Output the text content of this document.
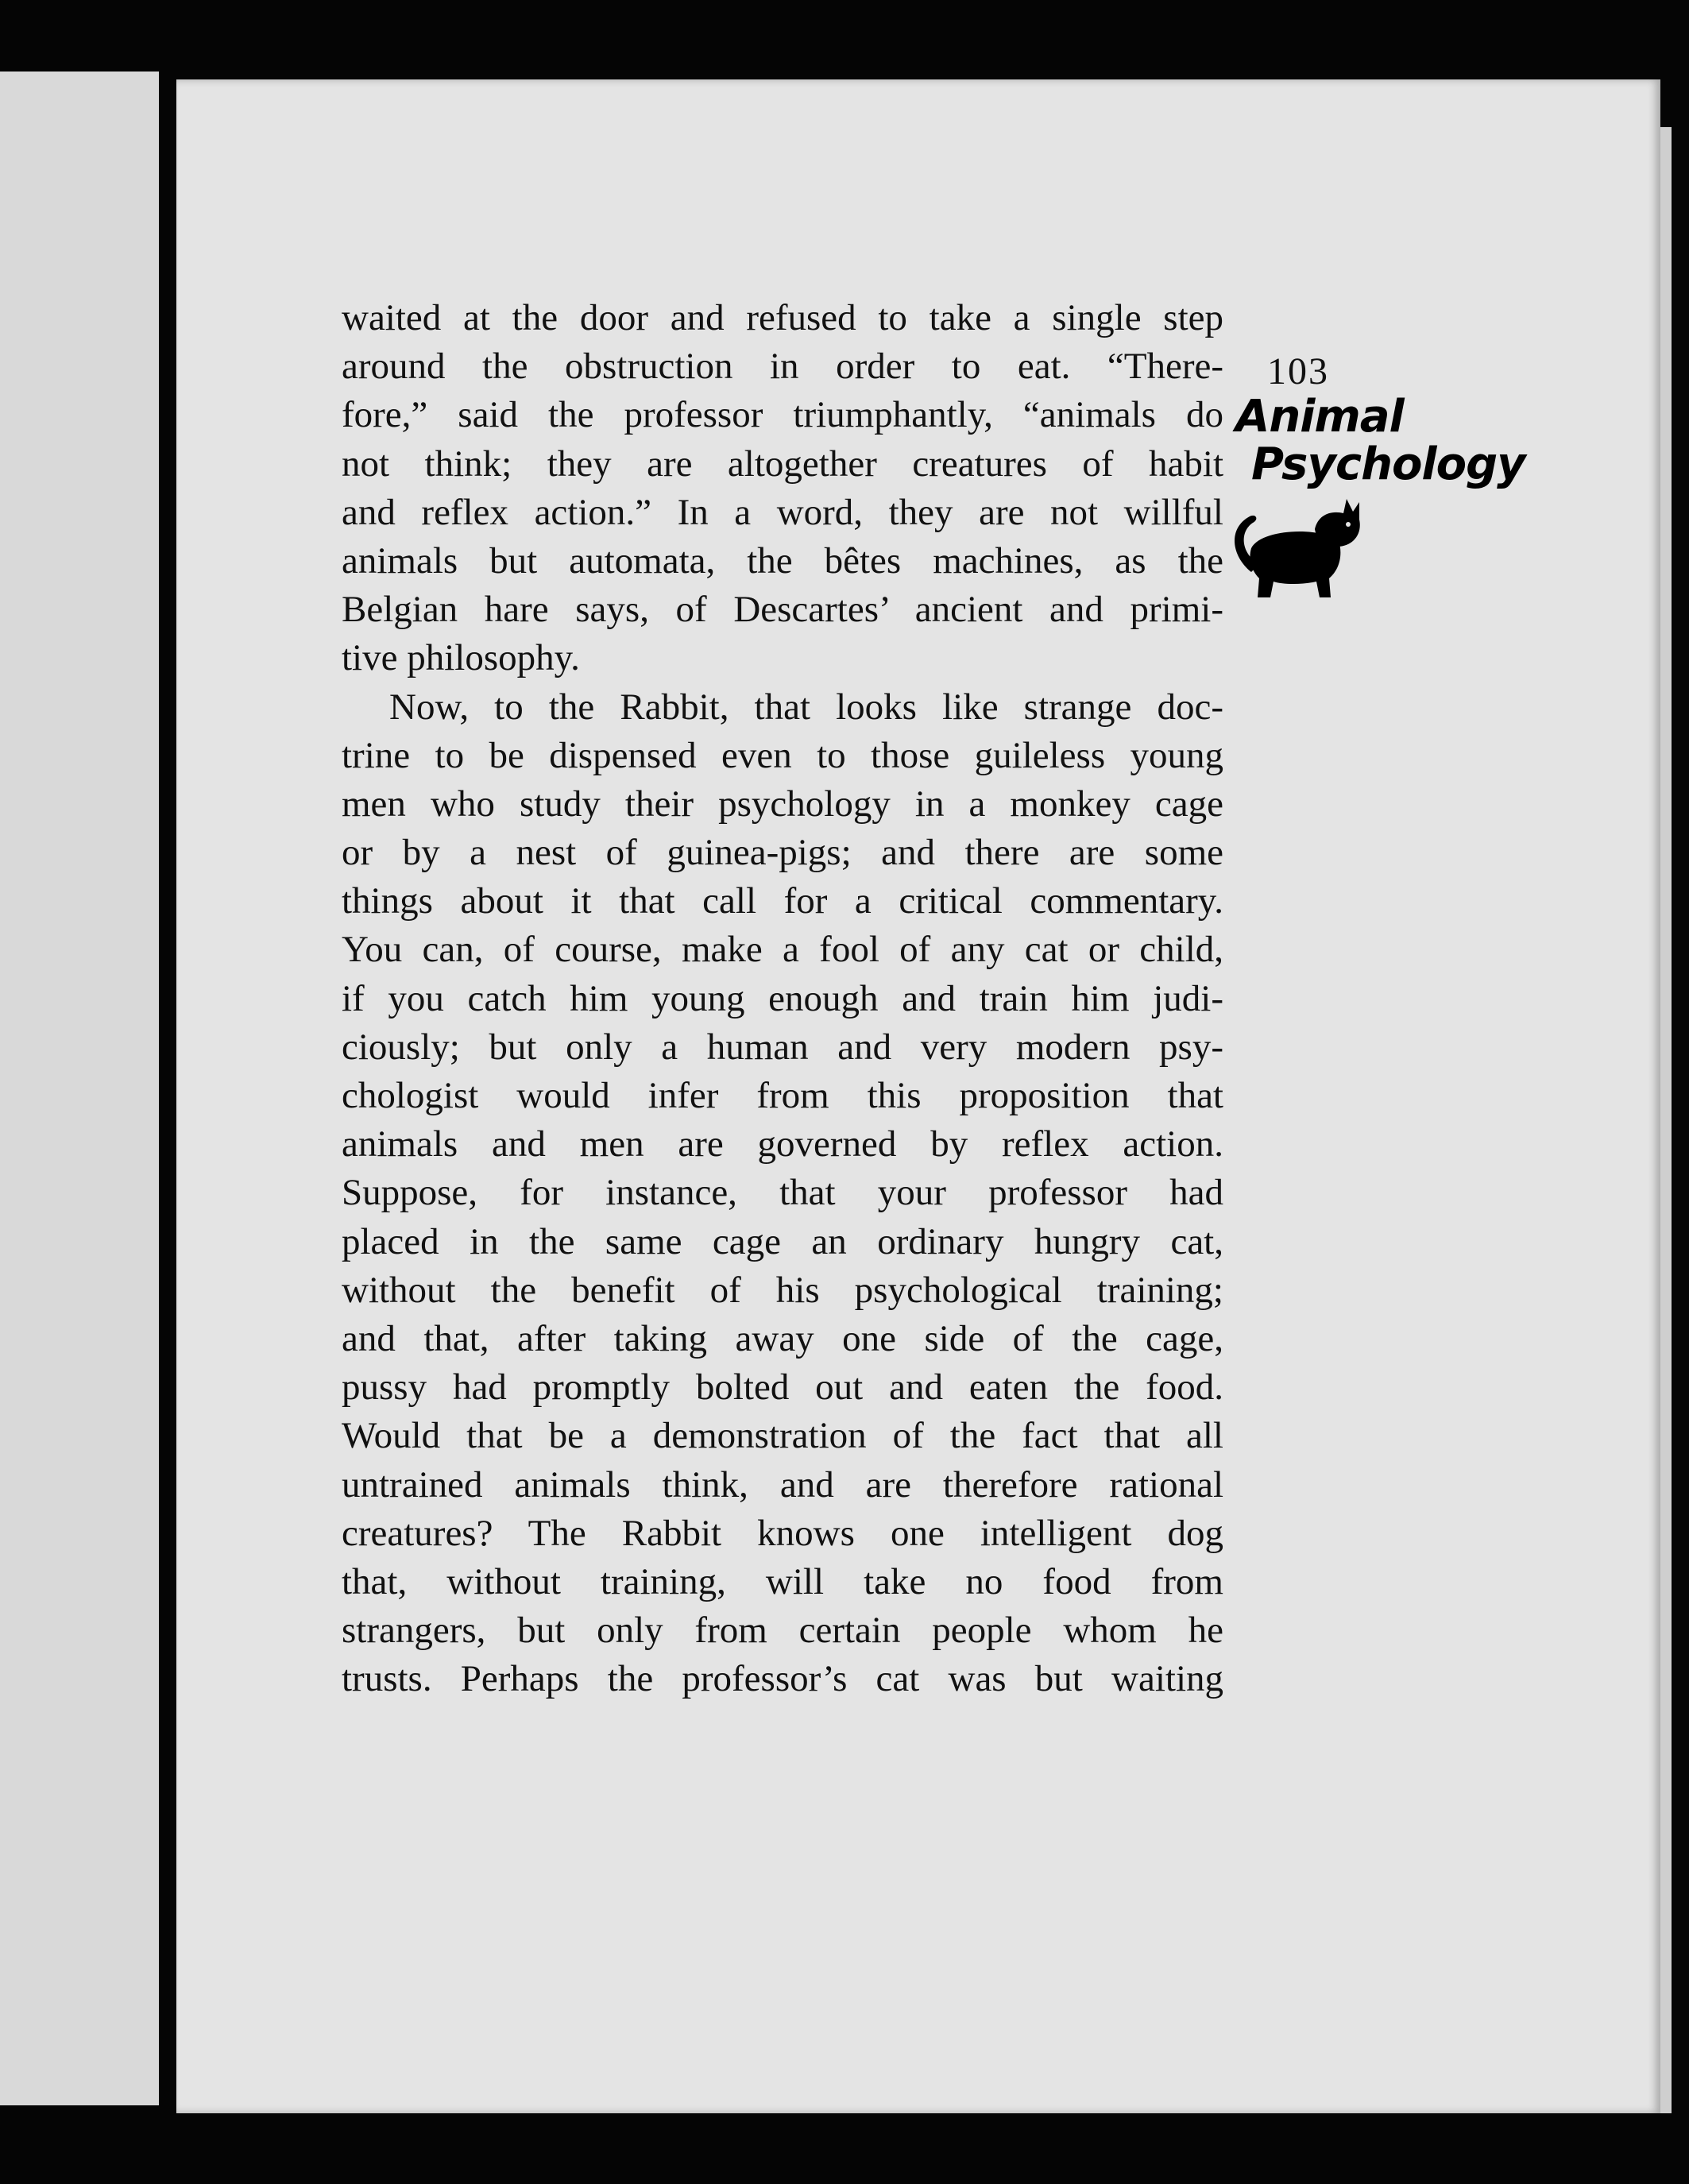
103
Animal
Psychology
waited at the door and refused to take a single step
around the obstruction in order to eat. “There-
fore,” said the professor triumphantly, “animals do
not think; they are altogether creatures of habit
and reflex action.” In a word, they are not willful
animals but automata, the bêtes machines, as the
Belgian hare says, of Descartes’ ancient and primi-
tive philosophy.
Now, to the Rabbit, that looks like strange doc-
trine to be dispensed even to those guileless young
men who study their psychology in a monkey cage
or by a nest of guinea-pigs; and there are some
things about it that call for a critical commentary.
You can, of course, make a fool of any cat or child,
if you catch him young enough and train him judi-
ciously; but only a human and very modern psy-
chologist would infer from this proposition that
animals and men are governed by reflex action.
Suppose, for instance, that your professor had
placed in the same cage an ordinary hungry cat,
without the benefit of his psychological training;
and that, after taking away one side of the cage,
pussy had promptly bolted out and eaten the food.
Would that be a demonstration of the fact that all
untrained animals think, and are therefore rational
creatures? The Rabbit knows one intelligent dog
that, without training, will take no food from
strangers, but only from certain people whom he
trusts. Perhaps the professor’s cat was but waiting
